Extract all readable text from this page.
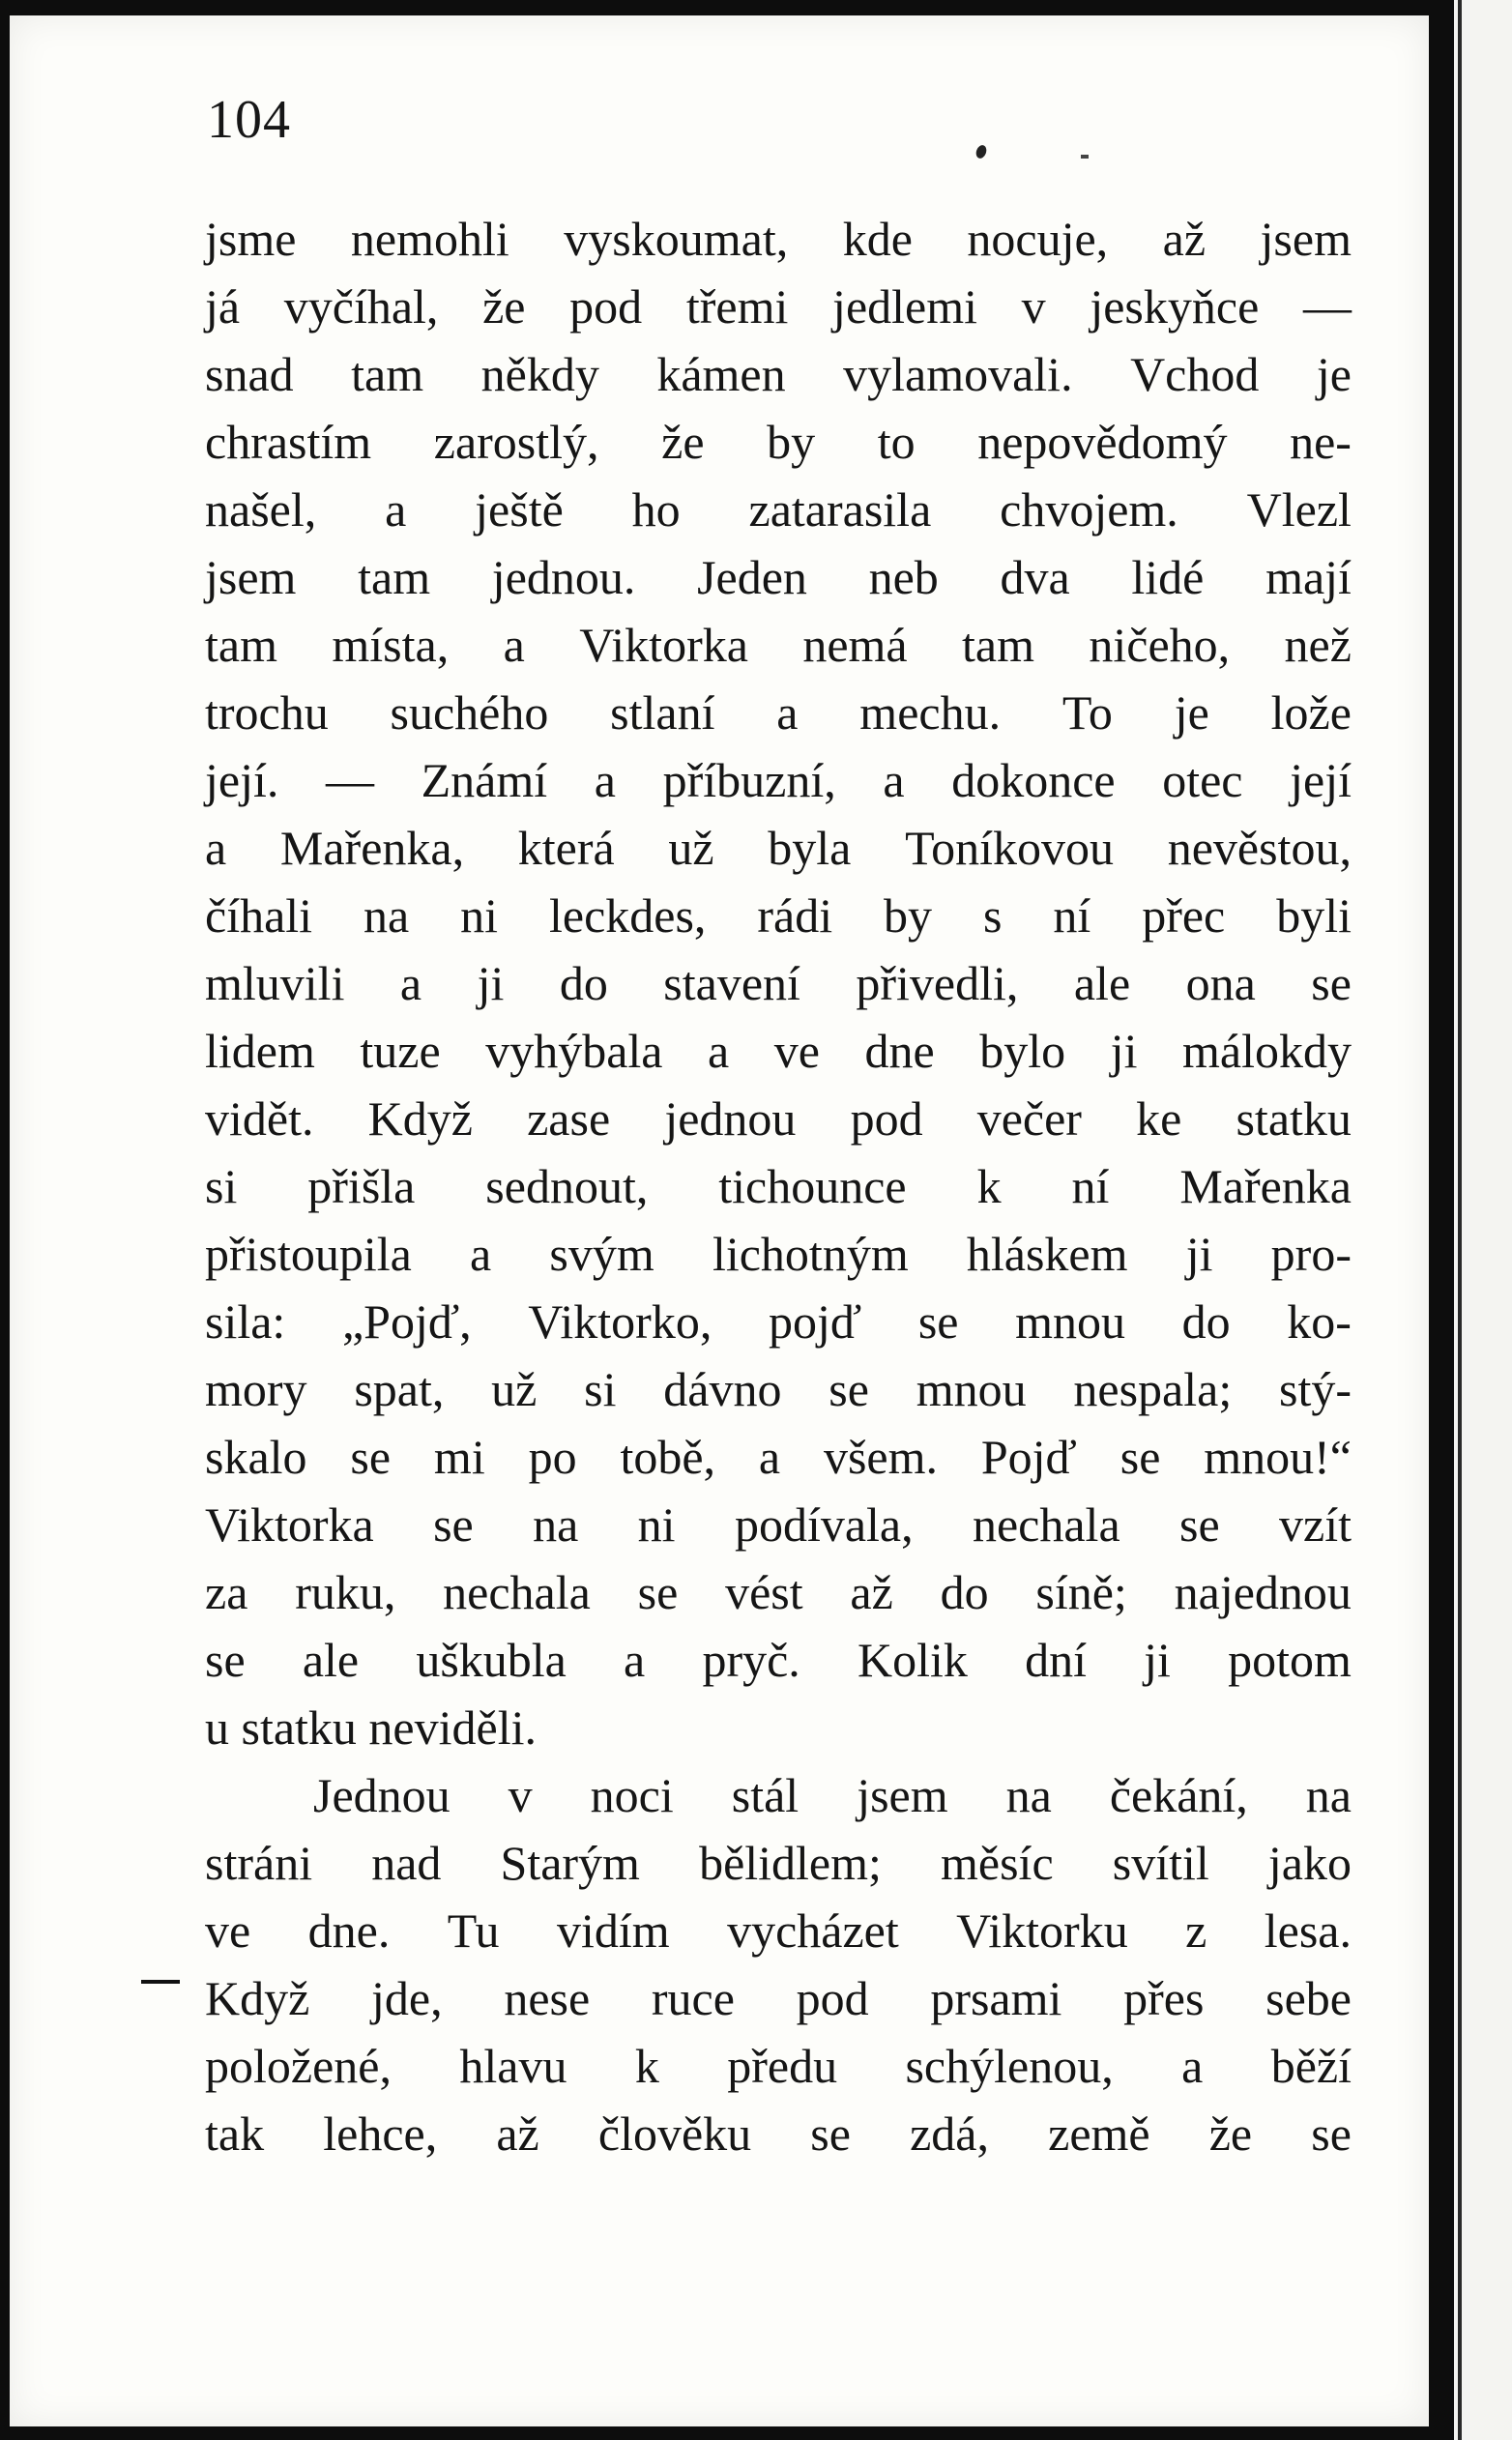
104
jsme nemohli vyskoumat, kde nocuje, až jsem
já vyčíhal, že pod třemi jedlemi v jeskyňce —
snad tam někdy kámen vylamovali. Vchod je
chrastím zarostlý, že by to nepovědomý ne-
našel, a ještě ho zatarasila chvojem. Vlezl
jsem tam jednou. Jeden neb dva lidé mají
tam místa, a Viktorka nemá tam ničeho, než
trochu suchého stlaní a mechu. To je lože
její. — Známí a příbuzní, a dokonce otec její
a Mařenka, která už byla Toníkovou nevěstou,
číhali na ni leckdes, rádi by s ní přec byli
mluvili a ji do stavení přivedli, ale ona se
lidem tuze vyhýbala a ve dne bylo ji málokdy
vidět. Když zase jednou pod večer ke statku
si přišla sednout, tichounce k ní Mařenka
přistoupila a svým lichotným hláskem ji pro-
sila: „Pojď, Viktorko, pojď se mnou do ko-
mory spat, už si dávno se mnou nespala; stý-
skalo se mi po tobě, a všem. Pojď se mnou!“
Viktorka se na ni podívala, nechala se vzít
za ruku, nechala se vést až do síně; najednou
se ale uškubla a pryč. Kolik dní ji potom
u statku neviděli.
Jednou v noci stál jsem na čekání, na
stráni nad Starým bělidlem; měsíc svítil jako
ve dne. Tu vidím vycházet Viktorku z lesa.
Když jde, nese ruce pod prsami přes sebe
položené, hlavu k předu schýlenou, a běží
tak lehce, až člověku se zdá, země že se
